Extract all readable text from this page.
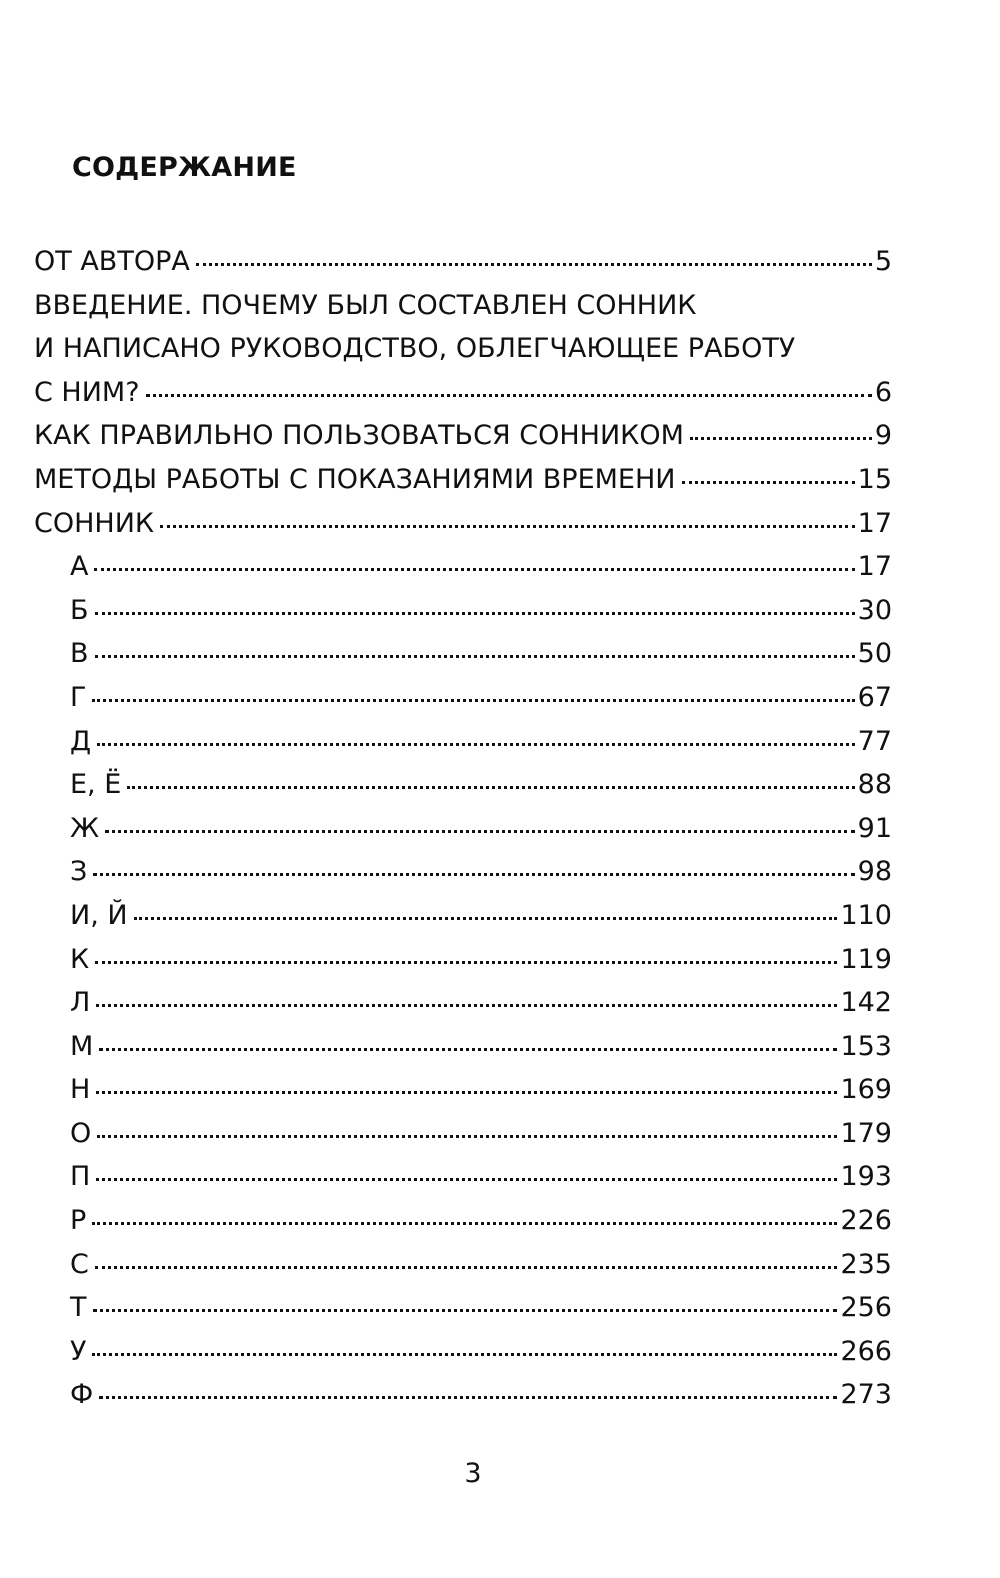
СОДЕРЖАНИЕ
ОТ АВТОРА	5
ВВЕДЕНИЕ. ПОЧЕМУ БЫЛ СОСТАВЛЕН СОННИК
И НАПИСАНО РУКОВОДСТВО, ОБЛЕГЧАЮЩЕЕ РАБОТУ
С НИМ?	6
КАК ПРАВИЛЬНО ПОЛЬЗОВАТЬСЯ СОННИКОМ	9
МЕТОДЫ РАБОТЫ С ПОКАЗАНИЯМИ ВРЕМЕНИ	15
СОННИК	17
А	17
Б	30
В	50
Г	67
Д	77
Е, Ё	88
Ж	91
З	98
И, Й	110
К	119
Л	142
М	153
Н	169
О	179
П	193
Р	226
С	235
Т	256
У	266
Ф	273
3
